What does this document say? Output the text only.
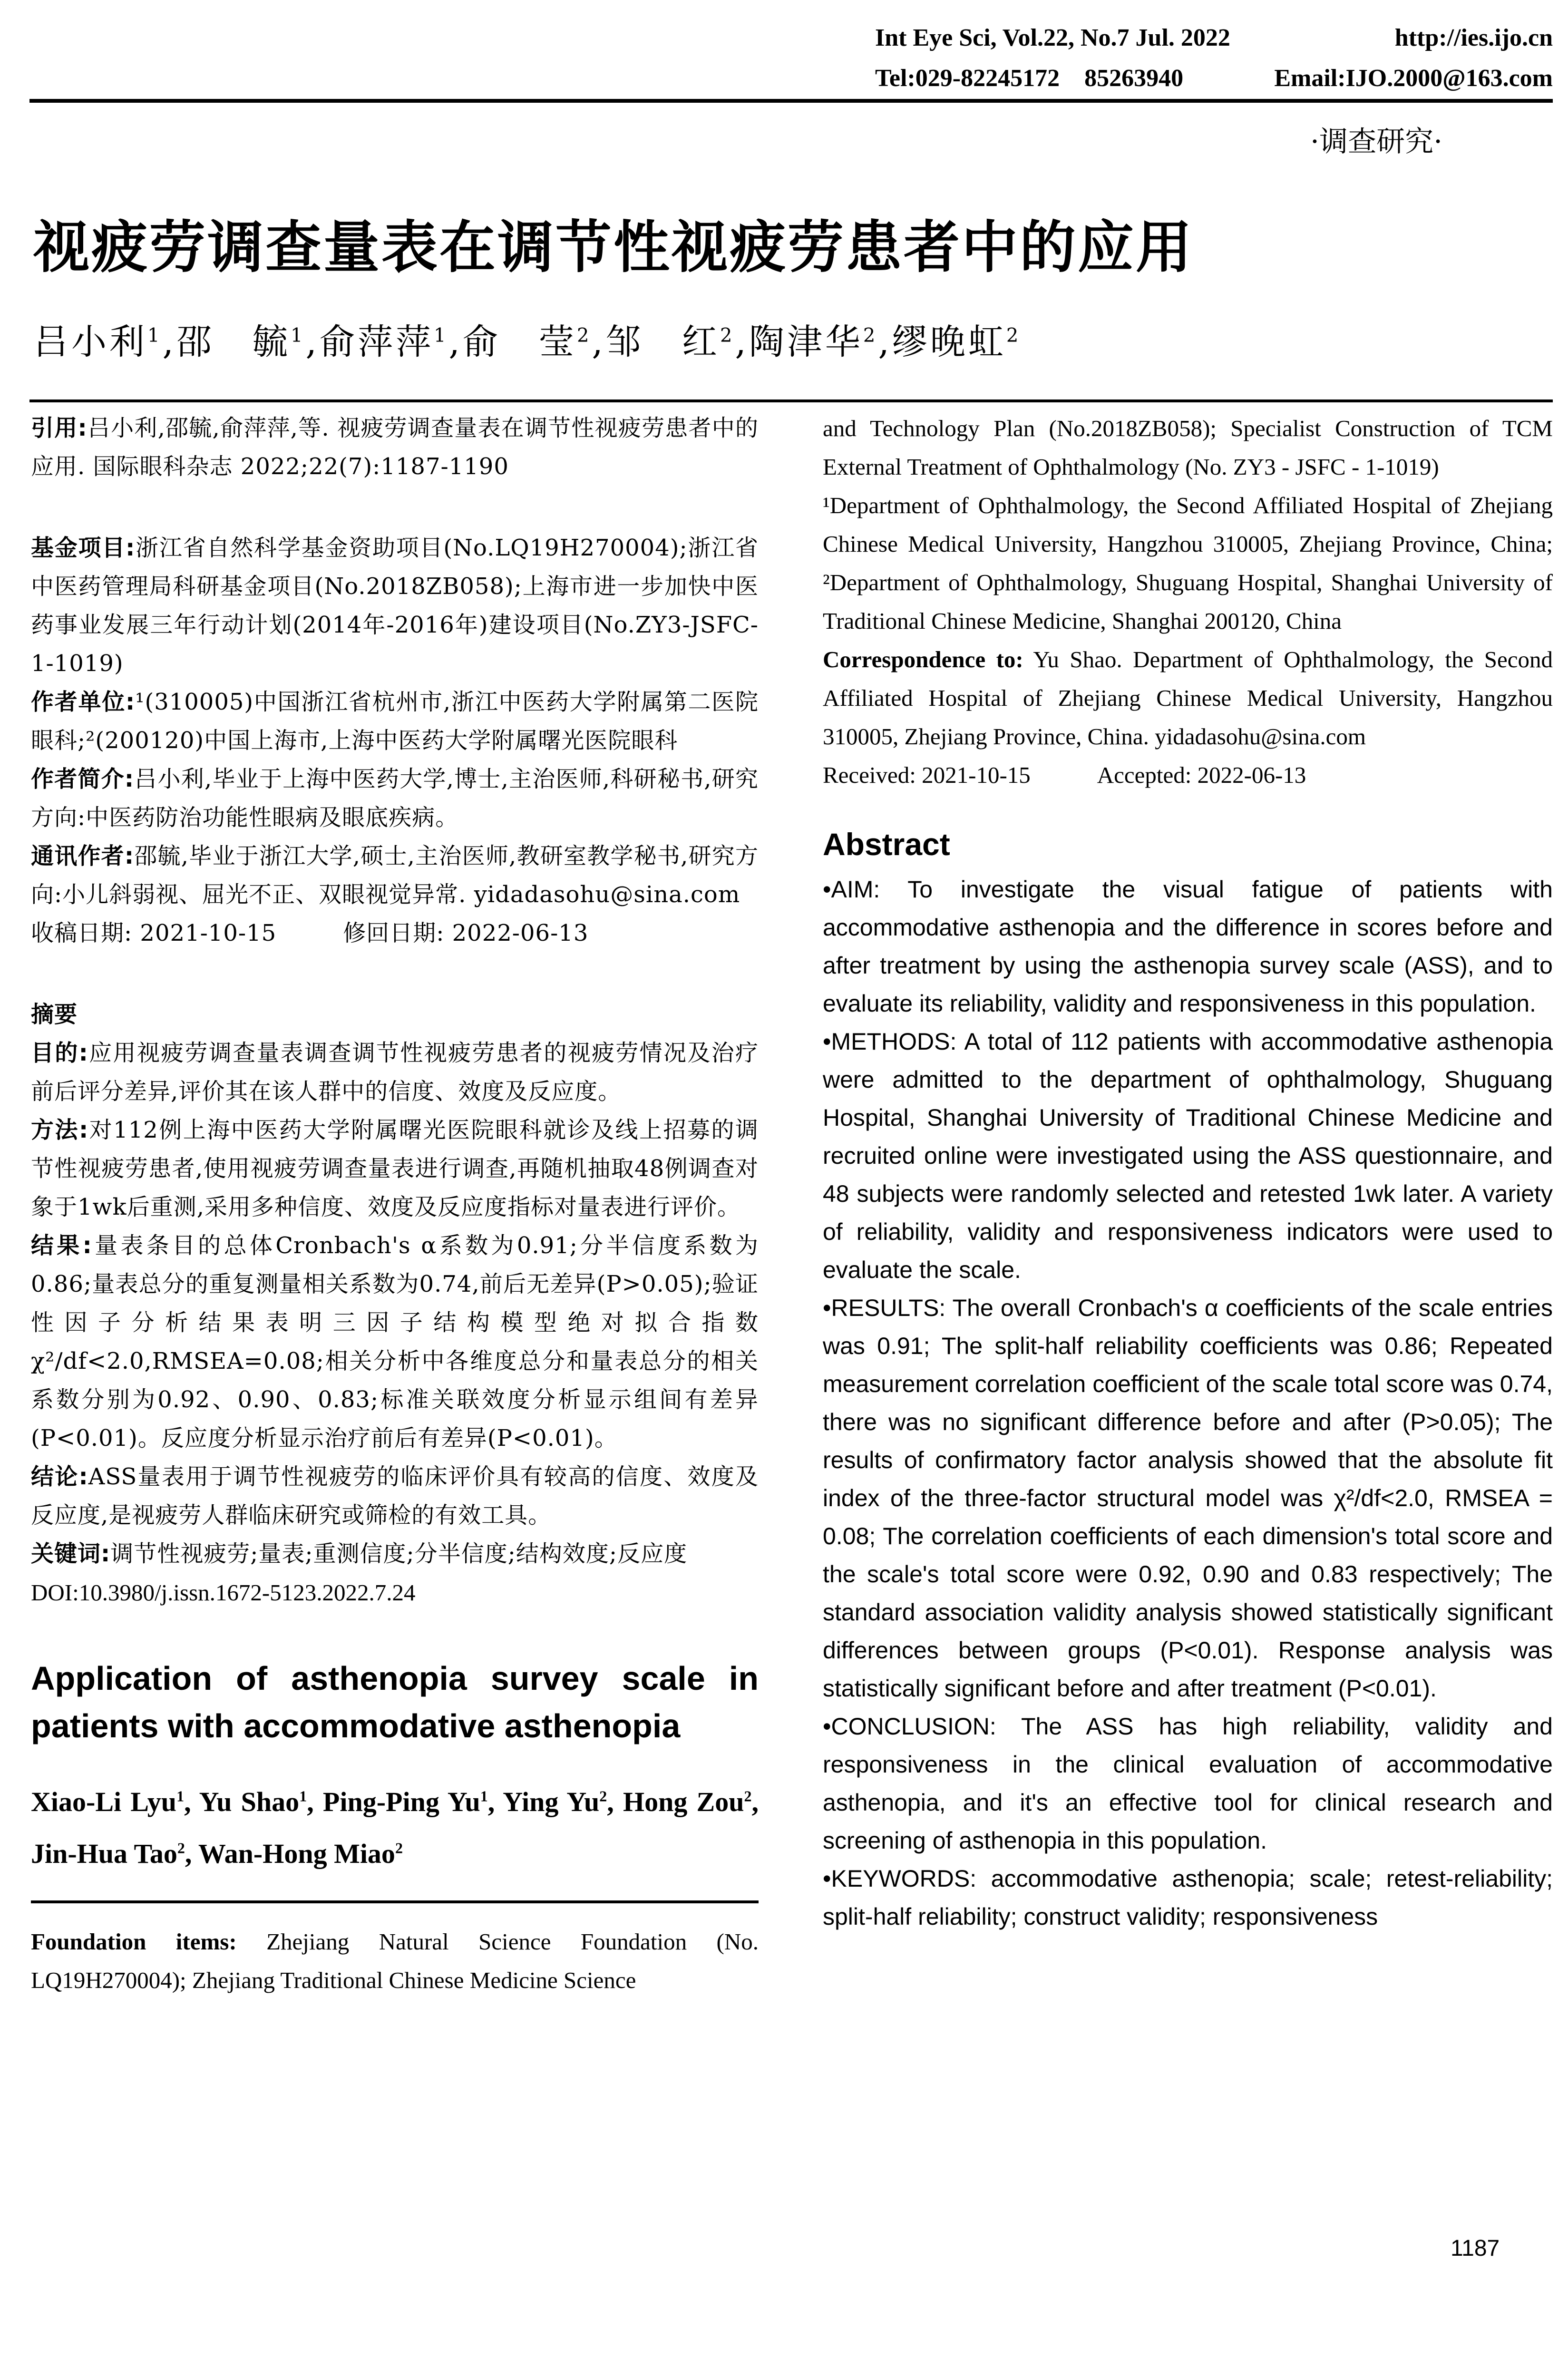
Int Eye Sci, Vol.22, No.7 Jul. 2022	http://ies.ijo.cn
Tel:029-82245172    85263940	Email:IJO.2000@163.com
·调查研究·
视疲劳调查量表在调节性视疲劳患者中的应用
吕小利$^1$,邵　毓$^1$,俞萍萍$^1$,俞　莹$^2$,邹　红$^2$,陶津华$^2$,缪晚虹$^2$

引用:吕小利,邵毓,俞萍萍,等. 视疲劳调查量表在调节性视疲劳患者中的应用. 国际眼科杂志 2022;22(7):1187-1190

基金项目:浙江省自然科学基金资助项目(No.LQ19H270004);浙江省中医药管理局科研基金项目(No.2018ZB058);上海市进一步加快中医药事业发展三年行动计划(2014年-2016年)建设项目(No.ZY3-JSFC-1-1019)

作者单位:¹(310005)中国浙江省杭州市,浙江中医药大学附属第二医院眼科;²(200120)中国上海市,上海中医药大学附属曙光医院眼科

作者简介:吕小利,毕业于上海中医药大学,博士,主治医师,科研秘书,研究方向:中医药防治功能性眼病及眼底疾病。

通讯作者:邵毓,毕业于浙江大学,硕士,主治医师,教研室教学秘书,研究方向:小儿斜弱视、屈光不正、双眼视觉异常. yidadasohu@sina.com

收稿日期: 2021-10-15	修回日期: 2022-06-13

摘要

目的:应用视疲劳调查量表调查调节性视疲劳患者的视疲劳情况及治疗前后评分差异,评价其在该人群中的信度、效度及反应度。

方法:对112例上海中医药大学附属曙光医院眼科就诊及线上招募的调节性视疲劳患者,使用视疲劳调查量表进行调查,再随机抽取48例调查对象于1wk后重测,采用多种信度、效度及反应度指标对量表进行评价。

结果:量表条目的总体Cronbach's α系数为0.91;分半信度系数为0.86;量表总分的重复测量相关系数为0.74,前后无差异(P>0.05);验证性因子分析结果表明三因子结构模型绝对拟合指数χ²/df<2.0,RMSEA=0.08;相关分析中各维度总分和量表总分的相关系数分别为0.92、0.90、0.83;标准关联效度分析显示组间有差异(P<0.01)。反应度分析显示治疗前后有差异(P<0.01)。

结论:ASS量表用于调节性视疲劳的临床评价具有较高的信度、效度及反应度,是视疲劳人群临床研究或筛检的有效工具。

关键词:调节性视疲劳;量表;重测信度;分半信度;结构效度;反应度

DOI:10.3980/j.issn.1672-5123.2022.7.24

Application of asthenopia survey scale in patients with accommodative asthenopia

Xiao-Li Lyu$^1$, Yu Shao$^1$, Ping-Ping Yu$^1$, Ying Yu$^2$, Hong Zou$^2$, Jin-Hua Tao$^2$, Wan-Hong Miao$^2$

Foundation items: Zhejiang Natural Science Foundation (No. LQ19H270004); Zhejiang Traditional Chinese Medicine Science

and Technology Plan (No.2018ZB058); Specialist Construction of TCM External Treatment of Ophthalmology (No. ZY3 - JSFC - 1-1019)

¹Department of Ophthalmology, the Second Affiliated Hospital of Zhejiang Chinese Medical University, Hangzhou 310005, Zhejiang Province, China; ²Department of Ophthalmology, Shuguang Hospital, Shanghai University of Traditional Chinese Medicine, Shanghai 200120, China

Correspondence to: Yu Shao. Department of Ophthalmology, the Second Affiliated Hospital of Zhejiang Chinese Medical University, Hangzhou 310005, Zhejiang Province, China. yidadasohu@sina.com

Received: 2021-10-15	Accepted: 2022-06-13

Abstract

•AIM: To investigate the visual fatigue of patients with accommodative asthenopia and the difference in scores before and after treatment by using the asthenopia survey scale (ASS), and to evaluate its reliability, validity and responsiveness in this population.

•METHODS: A total of 112 patients with accommodative asthenopia were admitted to the department of ophthalmology, Shuguang Hospital, Shanghai University of Traditional Chinese Medicine and recruited online were investigated using the ASS questionnaire, and 48 subjects were randomly selected and retested 1wk later. A variety of reliability, validity and responsiveness indicators were used to evaluate the scale.

•RESULTS: The overall Cronbach's α coefficients of the scale entries was 0.91; The split-half reliability coefficients was 0.86; Repeated measurement correlation coefficient of the scale total score was 0.74, there was no significant difference before and after (P>0.05); The results of confirmatory factor analysis showed that the absolute fit index of the three-factor structural model was χ²/df<2.0, RMSEA = 0.08; The correlation coefficients of each dimension's total score and the scale's total score were 0.92, 0.90 and 0.83 respectively; The standard association validity analysis showed statistically significant differences between groups (P<0.01). Response analysis was statistically significant before and after treatment (P<0.01).

•CONCLUSION: The ASS has high reliability, validity and responsiveness in the clinical evaluation of accommodative asthenopia, and it's an effective tool for clinical research and screening of asthenopia in this population.

•KEYWORDS: accommodative asthenopia; scale; retest-reliability; split-half reliability; construct validity; responsiveness

1187
